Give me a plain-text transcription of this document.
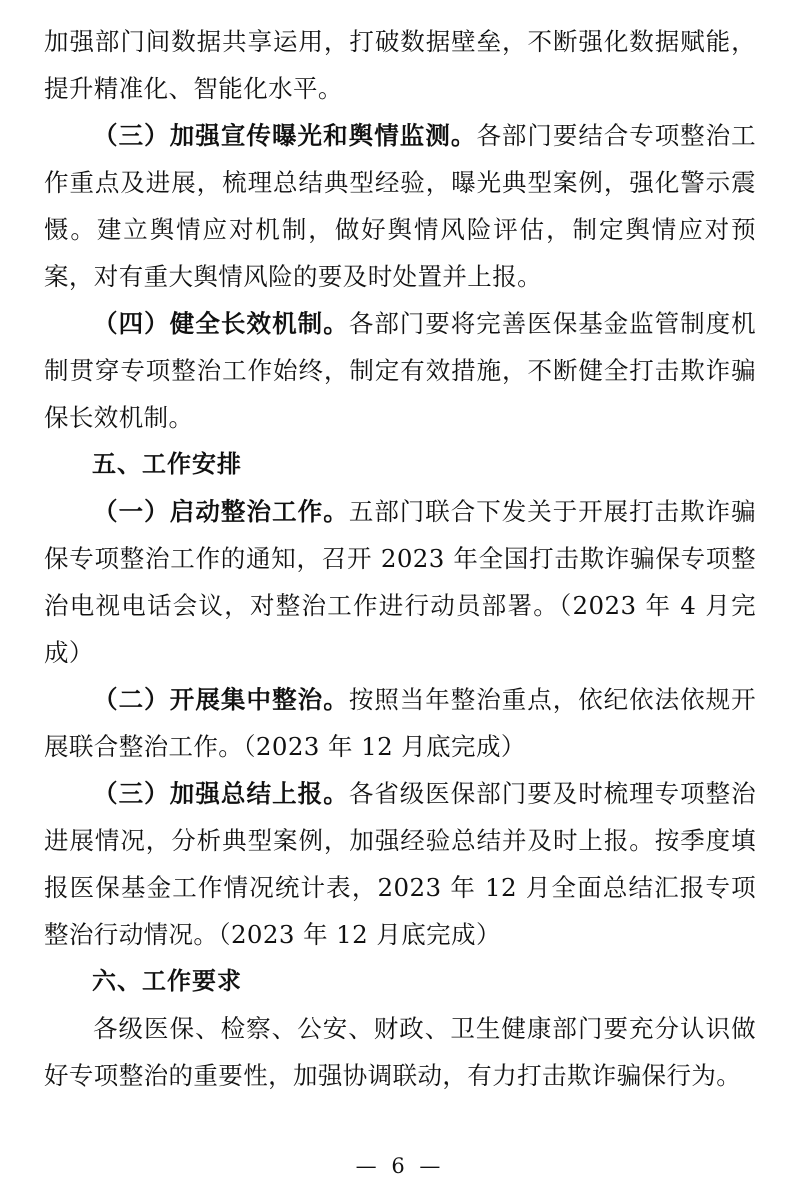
加强部门间数据共享运用，打破数据壁垒，不断强化数据赋能，提升精准化、智能化水平。

（三）加强宣传曝光和舆情监测。各部门要结合专项整治工作重点及进展，梳理总结典型经验，曝光典型案例，强化警示震慑。建立舆情应对机制，做好舆情风险评估，制定舆情应对预案，对有重大舆情风险的要及时处置并上报。

（四）健全长效机制。各部门要将完善医保基金监管制度机制贯穿专项整治工作始终，制定有效措施，不断健全打击欺诈骗保长效机制。

五、工作安排

（一）启动整治工作。五部门联合下发关于开展打击欺诈骗保专项整治工作的通知，召开 2023 年全国打击欺诈骗保专项整治电视电话会议，对整治工作进行动员部署。（2023 年 4 月完成）

（二）开展集中整治。按照当年整治重点，依纪依法依规开展联合整治工作。（2023 年 12 月底完成）

（三）加强总结上报。各省级医保部门要及时梳理专项整治进展情况，分析典型案例，加强经验总结并及时上报。按季度填报医保基金工作情况统计表，2023 年 12 月全面总结汇报专项整治行动情况。（2023 年 12 月底完成）

六、工作要求

各级医保、检察、公安、财政、卫生健康部门要充分认识做好专项整治的重要性，加强协调联动，有力打击欺诈骗保行为。

— 6 —
